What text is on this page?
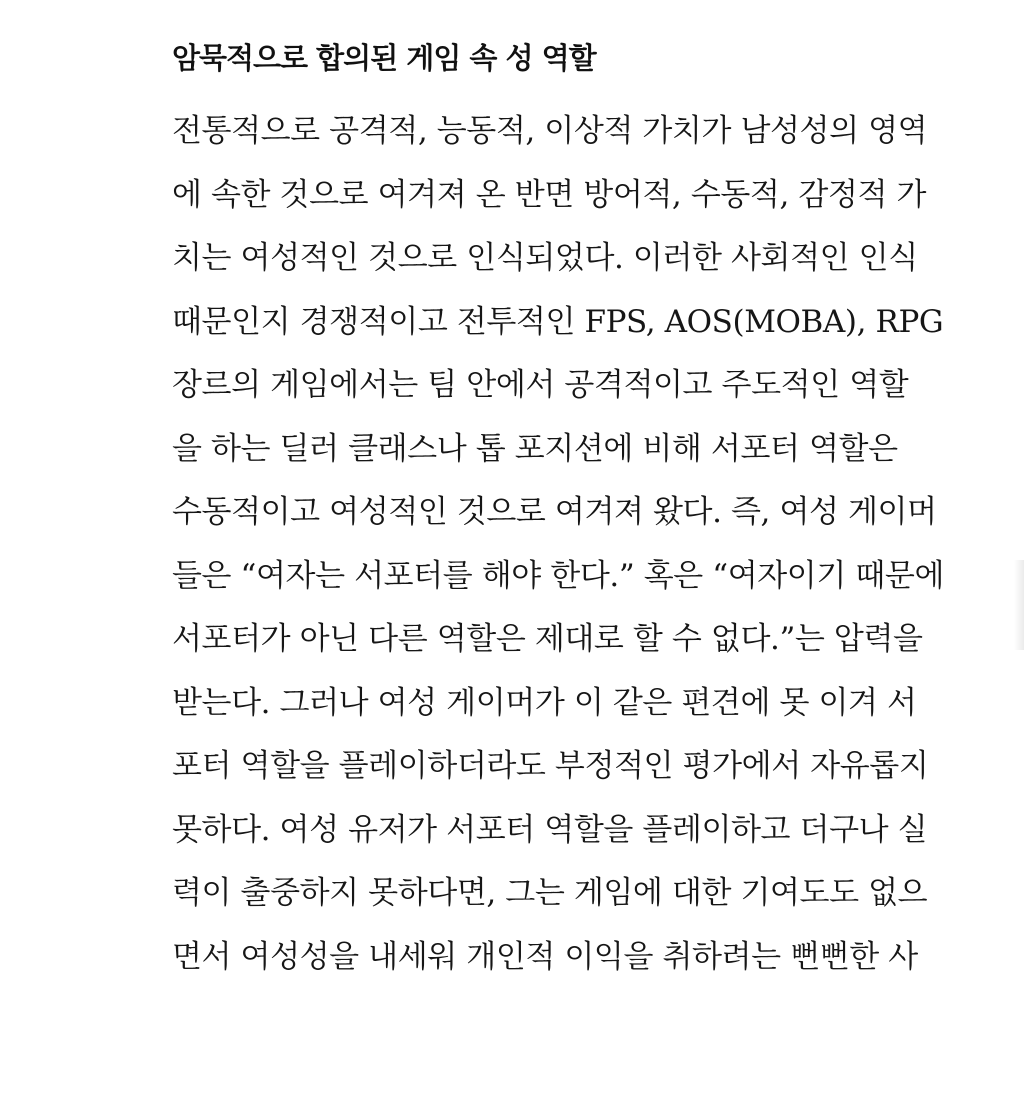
암묵적으로 합의된 게임 속 성 역할
전통적으로 공격적, 능동적, 이상적 가치가 남성성의 영역
에 속한 것으로 여겨져 온 반면 방어적, 수동적, 감정적 가
치는 여성적인 것으로 인식되었다. 이러한 사회적인 인식
때문인지 경쟁적이고 전투적인 FPS, AOS(MOBA), RPG
장르의 게임에서는 팀 안에서 공격적이고 주도적인 역할
을 하는 딜러 클래스나 톱 포지션에 비해 서포터 역할은
수동적이고 여성적인 것으로 여겨져 왔다. 즉, 여성 게이머
들은 “여자는 서포터를 해야 한다.” 혹은 “여자이기 때문에
서포터가 아닌 다른 역할은 제대로 할 수 없다.”는 압력을
받는다. 그러나 여성 게이머가 이 같은 편견에 못 이겨 서
포터 역할을 플레이하더라도 부정적인 평가에서 자유롭지
못하다. 여성 유저가 서포터 역할을 플레이하고 더구나 실
력이 출중하지 못하다면, 그는 게임에 대한 기여도도 없으
면서 여성성을 내세워 개인적 이익을 취하려는 뻔뻔한 사
